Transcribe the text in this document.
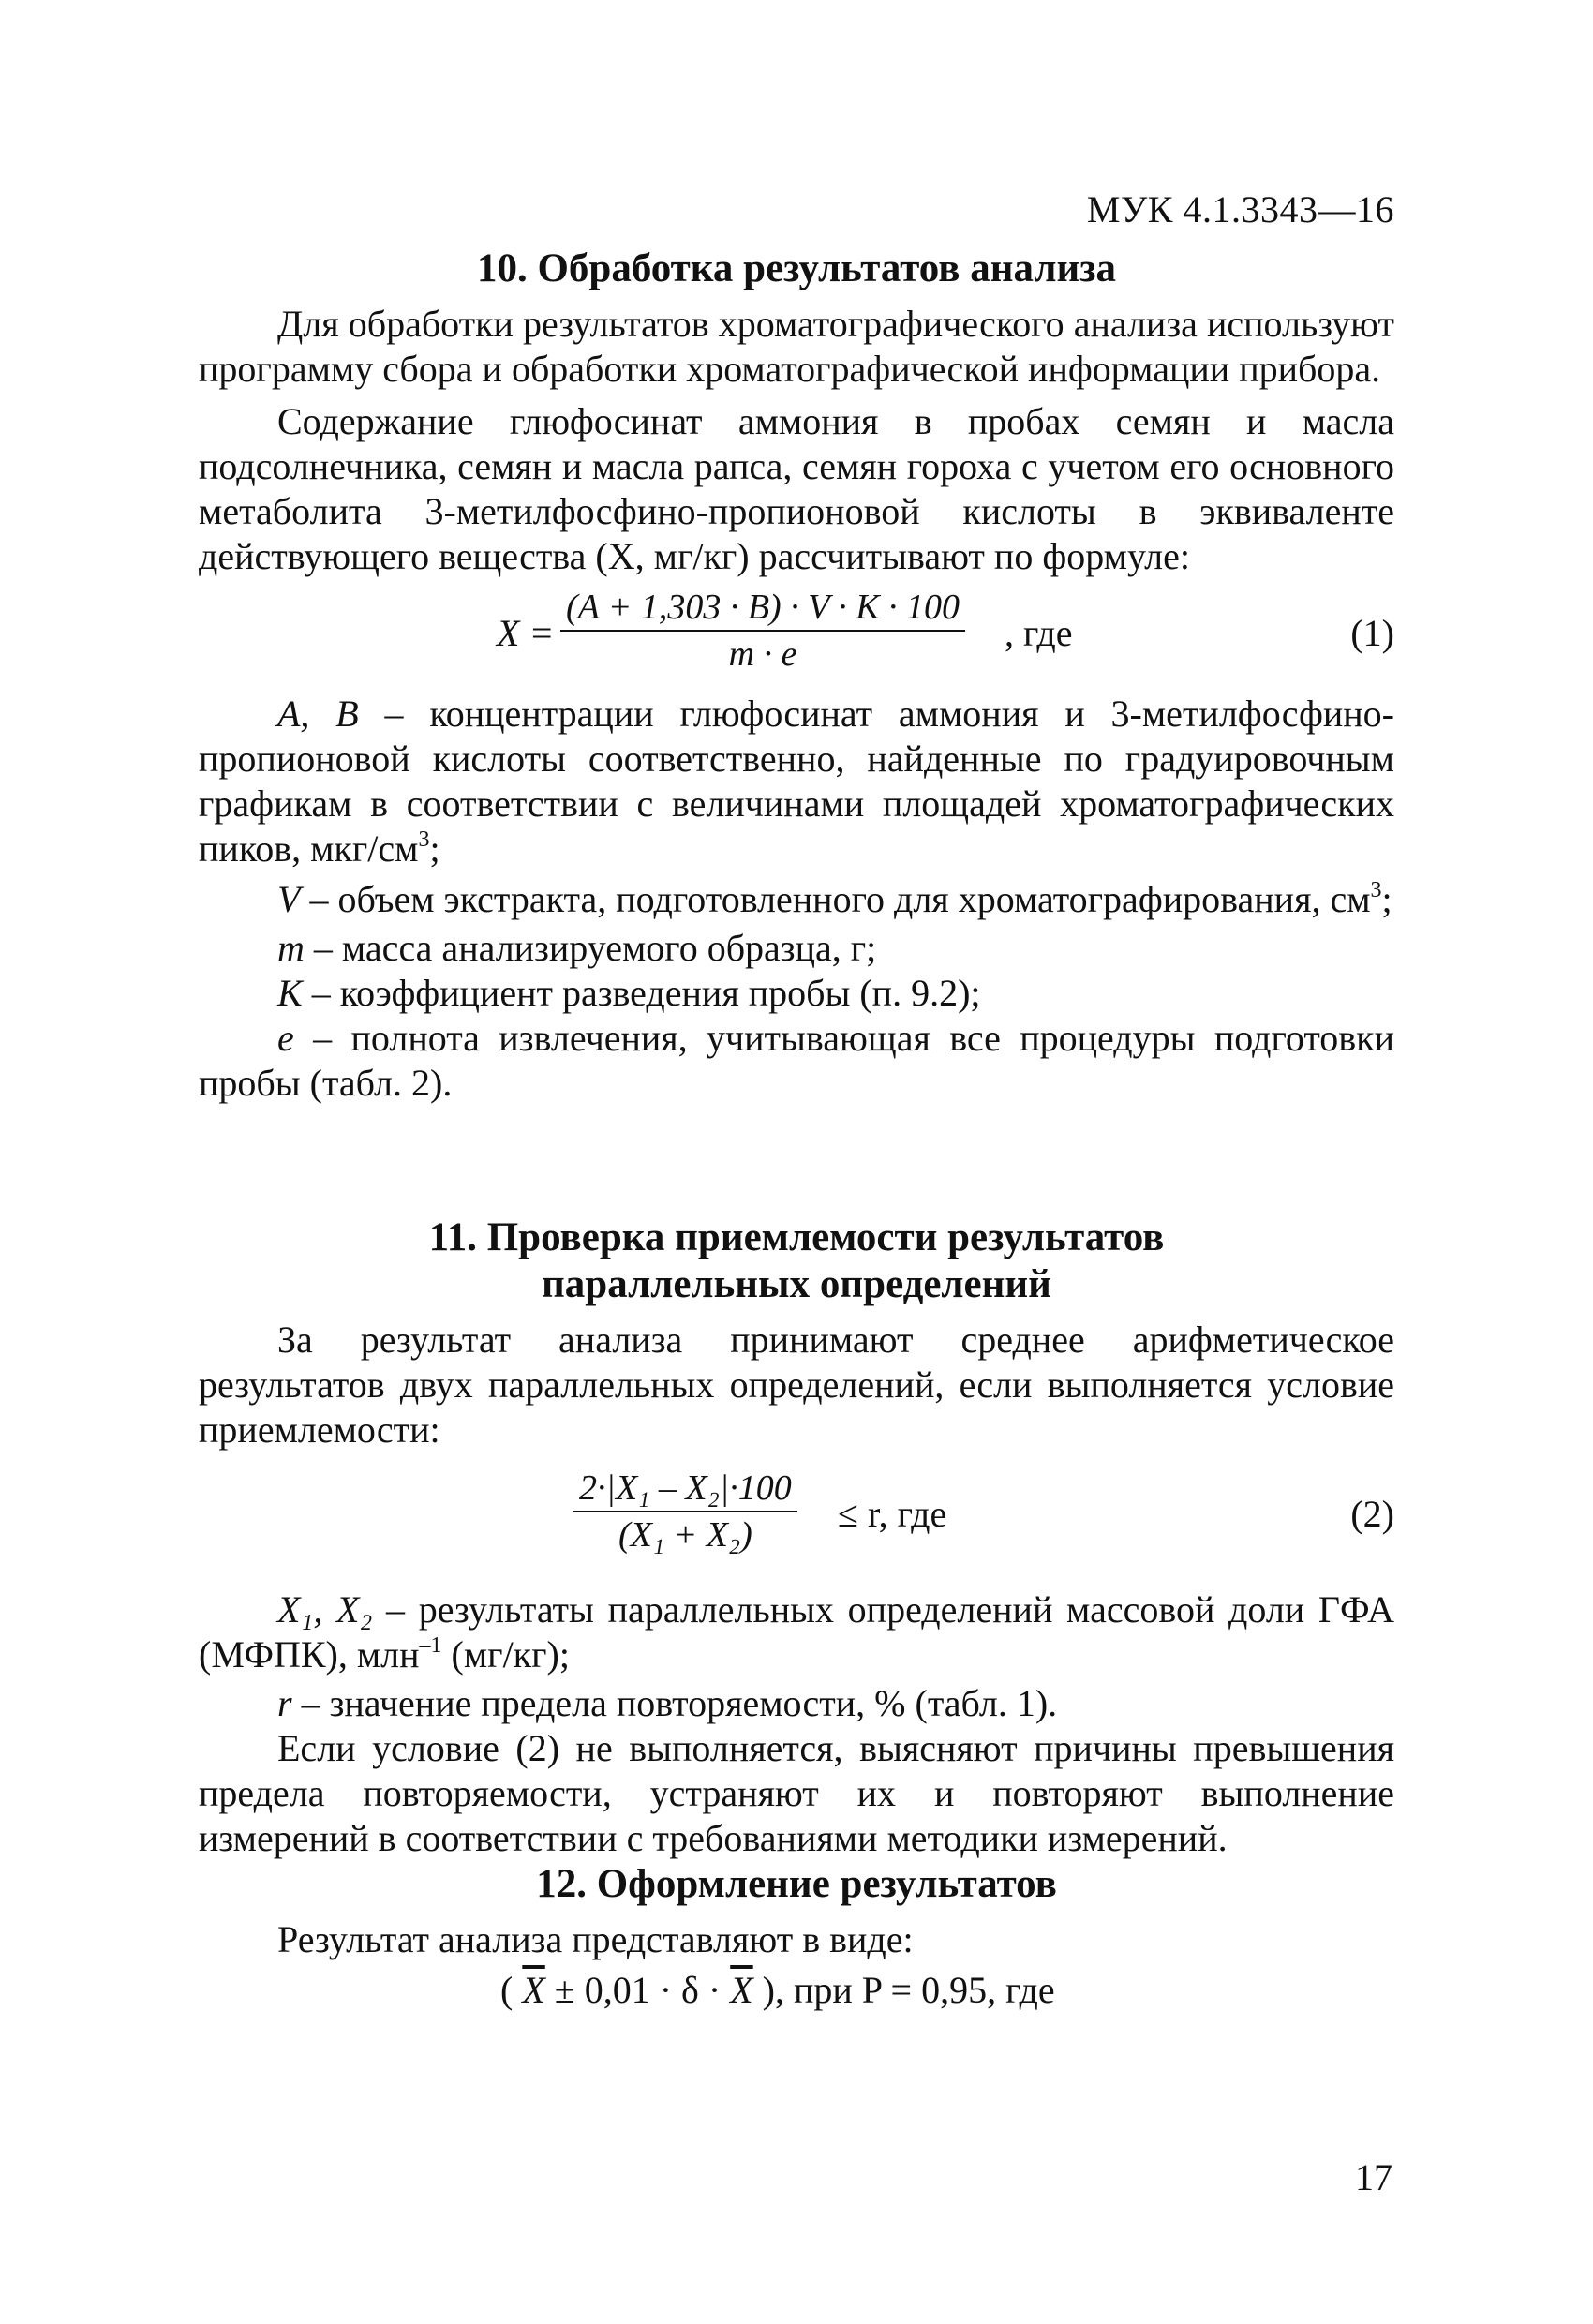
МУК 4.1.3343—16
10. Обработка результатов анализа

Для обработки результатов хроматографического анализа используют программу сбора и обработки хроматографической информации прибора.

Содержание глюфосинат аммония в пробах семян и масла подсолнечника, семян и масла рапса, семян гороха с учетом его основного метаболита 3-метилфосфино-пропионовой кислоты в эквиваленте действующего вещества (X, мг/кг) рассчитывают по формуле:

$X = \frac{(A + 1,303 \cdot B) \cdot V \cdot K \cdot 100}{m \cdot e}$ , где	(1)

A, B – концентрации глюфосинат аммония и 3-метилфосфино-пропионовой кислоты соответственно, найденные по градуировочным графикам в соответствии с величинами площадей хроматографических пиков, мкг/$см^3$;

V – объем экстракта, подготовленного для хроматографирования, $см^3$;

m – масса анализируемого образца, г;

K – коэффициент разведения пробы (п. 9.2);

e – полнота извлечения, учитывающая все процедуры подготовки пробы (табл. 2).

11. Проверка приемлемости результатов
параллельных определений

За результат анализа принимают среднее арифметическое результатов двух параллельных определений, если выполняется условие приемлемости:

$\frac{\text{2·|X₁ – X₂|·100}}{\text{(X₁ + X₂)}} \le r$, где	(2)

X₁, X₂ – результаты параллельных определений массовой доли ГФА (МФПК), млн$^{-1}$ (мг/кг);

r – значение предела повторяемости, % (табл. 1).

Если условие (2) не выполняется, выясняют причины превышения предела повторяемости, устраняют их и повторяют выполнение измерений в соответствии с требованиями методики измерений.

12. Оформление результатов

Результат анализа представляют в виде:

( $\overline{X} \pm 0,01 \cdot \delta \cdot \overline{X}$ ), при P = 0,95, где

17
